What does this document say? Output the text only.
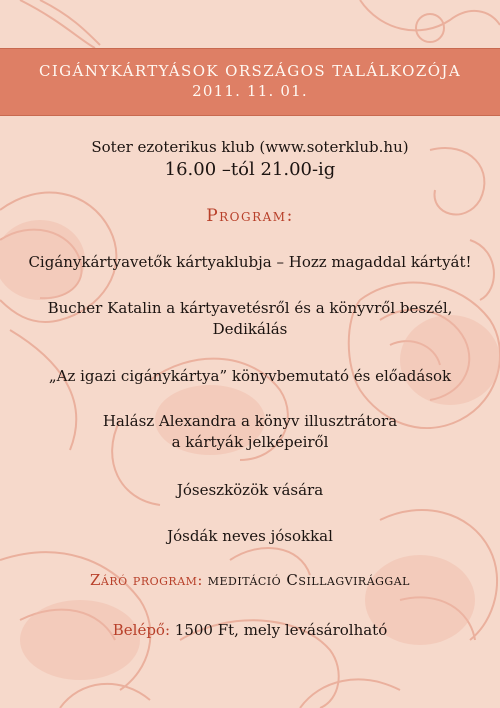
CIGÁNYKÁRTYÁSOK ORSZÁGOS TALÁLKOZÓJA
2011. 11. 01.
Soter ezoterikus klub (www.soterklub.hu)
16.00 –tól 21.00-ig
Program:
Cigánykártyavetők kártyaklubja – Hozz magaddal kártyát!
Bucher Katalin a kártyavetésről és a könyvről beszél,
Dedikálás
„Az igazi cigánykártya” könyvbemutató és előadások
Halász Alexandra a könyv illusztrátora
a kártyák jelképeiről
Jóseszközök vására
Jósdák neves jósokkal
Záró program: meditáció Csillagvirággal
Belépő: 1500 Ft, mely levásárolható
